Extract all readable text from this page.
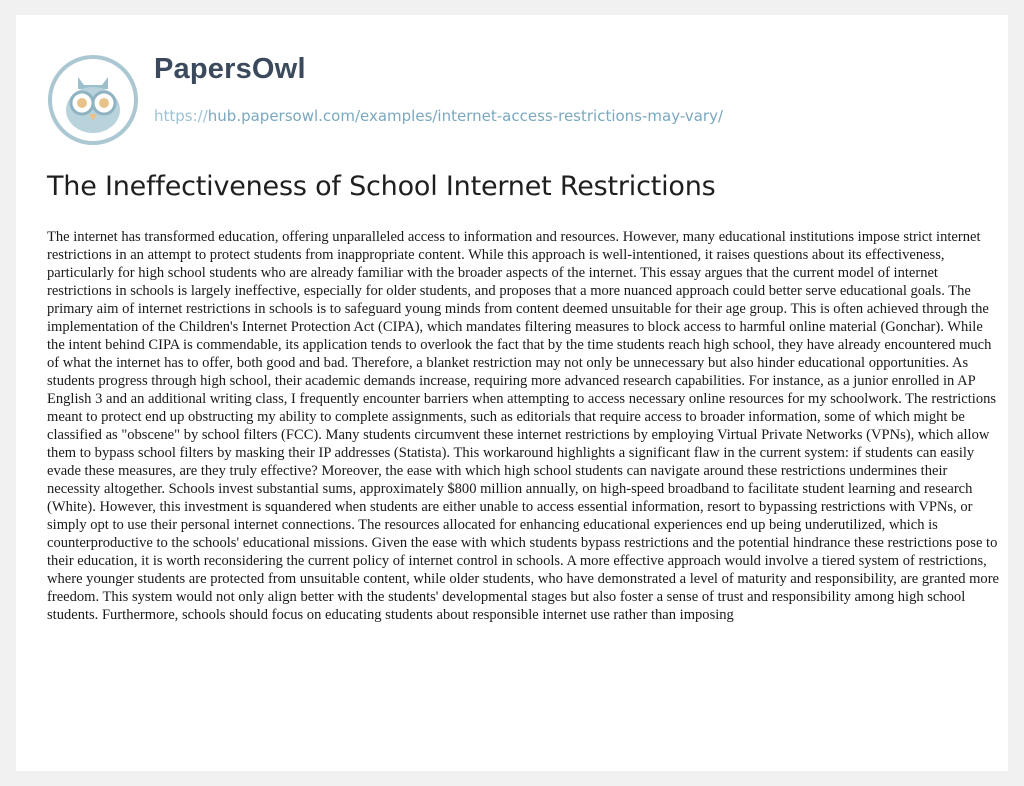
PapersOwl
https://hub.papersowl.com/examples/internet-access-restrictions-may-vary/
The Ineffectiveness of School Internet Restrictions

The internet has transformed education, offering unparalleled access to information and resources. However, many educational institutions impose strict internet restrictions in an attempt to protect students from inappropriate content. While this approach is well-intentioned, it raises questions about its effectiveness, particularly for high school students who are already familiar with the broader aspects of the internet. This essay argues that the current model of internet restrictions in schools is largely ineffective, especially for older students, and proposes that a more nuanced approach could better serve educational goals. The primary aim of internet restrictions in schools is to safeguard young minds from content deemed unsuitable for their age group. This is often achieved through the implementation of the Children's Internet Protection Act (CIPA), which mandates filtering measures to block access to harmful online material (Gonchar). While the intent behind CIPA is commendable, its application tends to overlook the fact that by the time students reach high school, they have already encountered much of what the internet has to offer, both good and bad. Therefore, a blanket restriction may not only be unnecessary but also hinder educational opportunities. As students progress through high school, their academic demands increase, requiring more advanced research capabilities. For instance, as a junior enrolled in AP English 3 and an additional writing class, I frequently encounter barriers when attempting to access necessary online resources for my schoolwork. The restrictions meant to protect end up obstructing my ability to complete assignments, such as editorials that require access to broader information, some of which might be classified as "obscene" by school filters (FCC). Many students circumvent these internet restrictions by employing Virtual Private Networks (VPNs), which allow them to bypass school filters by masking their IP addresses (Statista). This workaround highlights a significant flaw in the current system: if students can easily evade these measures, are they truly effective? Moreover, the ease with which high school students can navigate around these restrictions undermines their necessity altogether. Schools invest substantial sums, approximately $800 million annually, on high-speed broadband to facilitate student learning and research (White). However, this investment is squandered when students are either unable to access essential information, resort to bypassing restrictions with VPNs, or simply opt to use their personal internet connections. The resources allocated for enhancing educational experiences end up being underutilized, which is counterproductive to the schools' educational missions. Given the ease with which students bypass restrictions and the potential hindrance these restrictions pose to their education, it is worth reconsidering the current policy of internet control in schools. A more effective approach would involve a tiered system of restrictions, where younger students are protected from unsuitable content, while older students, who have demonstrated a level of maturity and responsibility, are granted more freedom. This system would not only align better with the students' developmental stages but also foster a sense of trust and responsibility among high school students. Furthermore, schools should focus on educating students about responsible internet use rather than imposing
